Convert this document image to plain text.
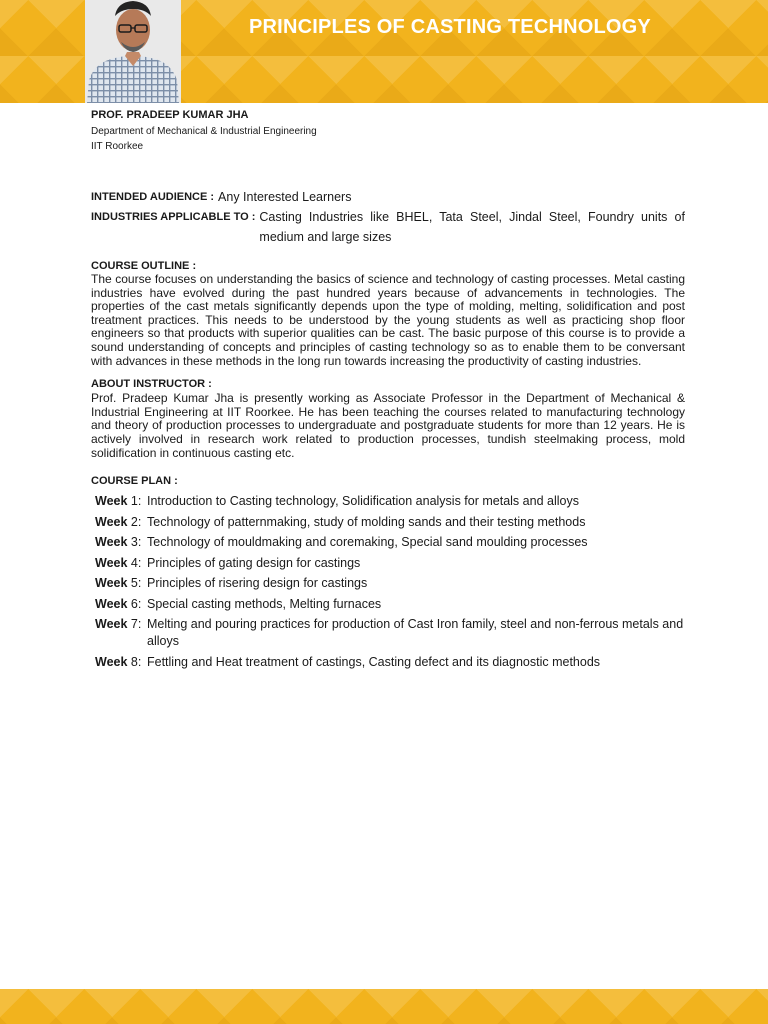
PRINCIPLES OF CASTING TECHNOLOGY
PROF. PRADEEP KUMAR JHA
Department of Mechanical & Industrial Engineering
IIT Roorkee
INTENDED AUDIENCE : Any Interested Learners
INDUSTRIES APPLICABLE TO : Casting Industries like BHEL, Tata Steel, Jindal Steel, Foundry units of medium and large sizes
COURSE OUTLINE :
The course focuses on understanding the basics of science and technology of casting processes. Metal casting industries have evolved during the past hundred years because of advancements in technologies. The properties of the cast metals significantly depends upon the type of molding, melting, solidification and post treatment practices. This needs to be understood by the young students as well as practicing shop floor engineers so that products with superior qualities can be cast. The basic purpose of this course is to provide a sound understanding of concepts and principles of casting technology so as to enable them to be conversant with advances in these methods in the long run towards increasing the productivity of casting industries.
ABOUT INSTRUCTOR :
Prof. Pradeep Kumar Jha is presently working as Associate Professor in the Department of Mechanical & Industrial Engineering at IIT Roorkee. He has been teaching the courses related to manufacturing technology and theory of production processes to undergraduate and postgraduate students for more than 12 years. He is actively involved in research work related to production processes, tundish steelmaking process, mold solidification in continuous casting etc.
COURSE PLAN :
Week 1: Introduction to Casting technology, Solidification analysis for metals and alloys
Week 2: Technology of patternmaking, study of molding sands and their testing methods
Week 3: Technology of mouldmaking and coremaking, Special sand moulding processes
Week 4: Principles of gating design for castings
Week 5: Principles of risering design for castings
Week 6: Special casting methods, Melting furnaces
Week 7: Melting and pouring practices for production of Cast Iron family, steel and non-ferrous metals and alloys
Week 8: Fettling and Heat treatment of castings, Casting defect and its diagnostic methods
